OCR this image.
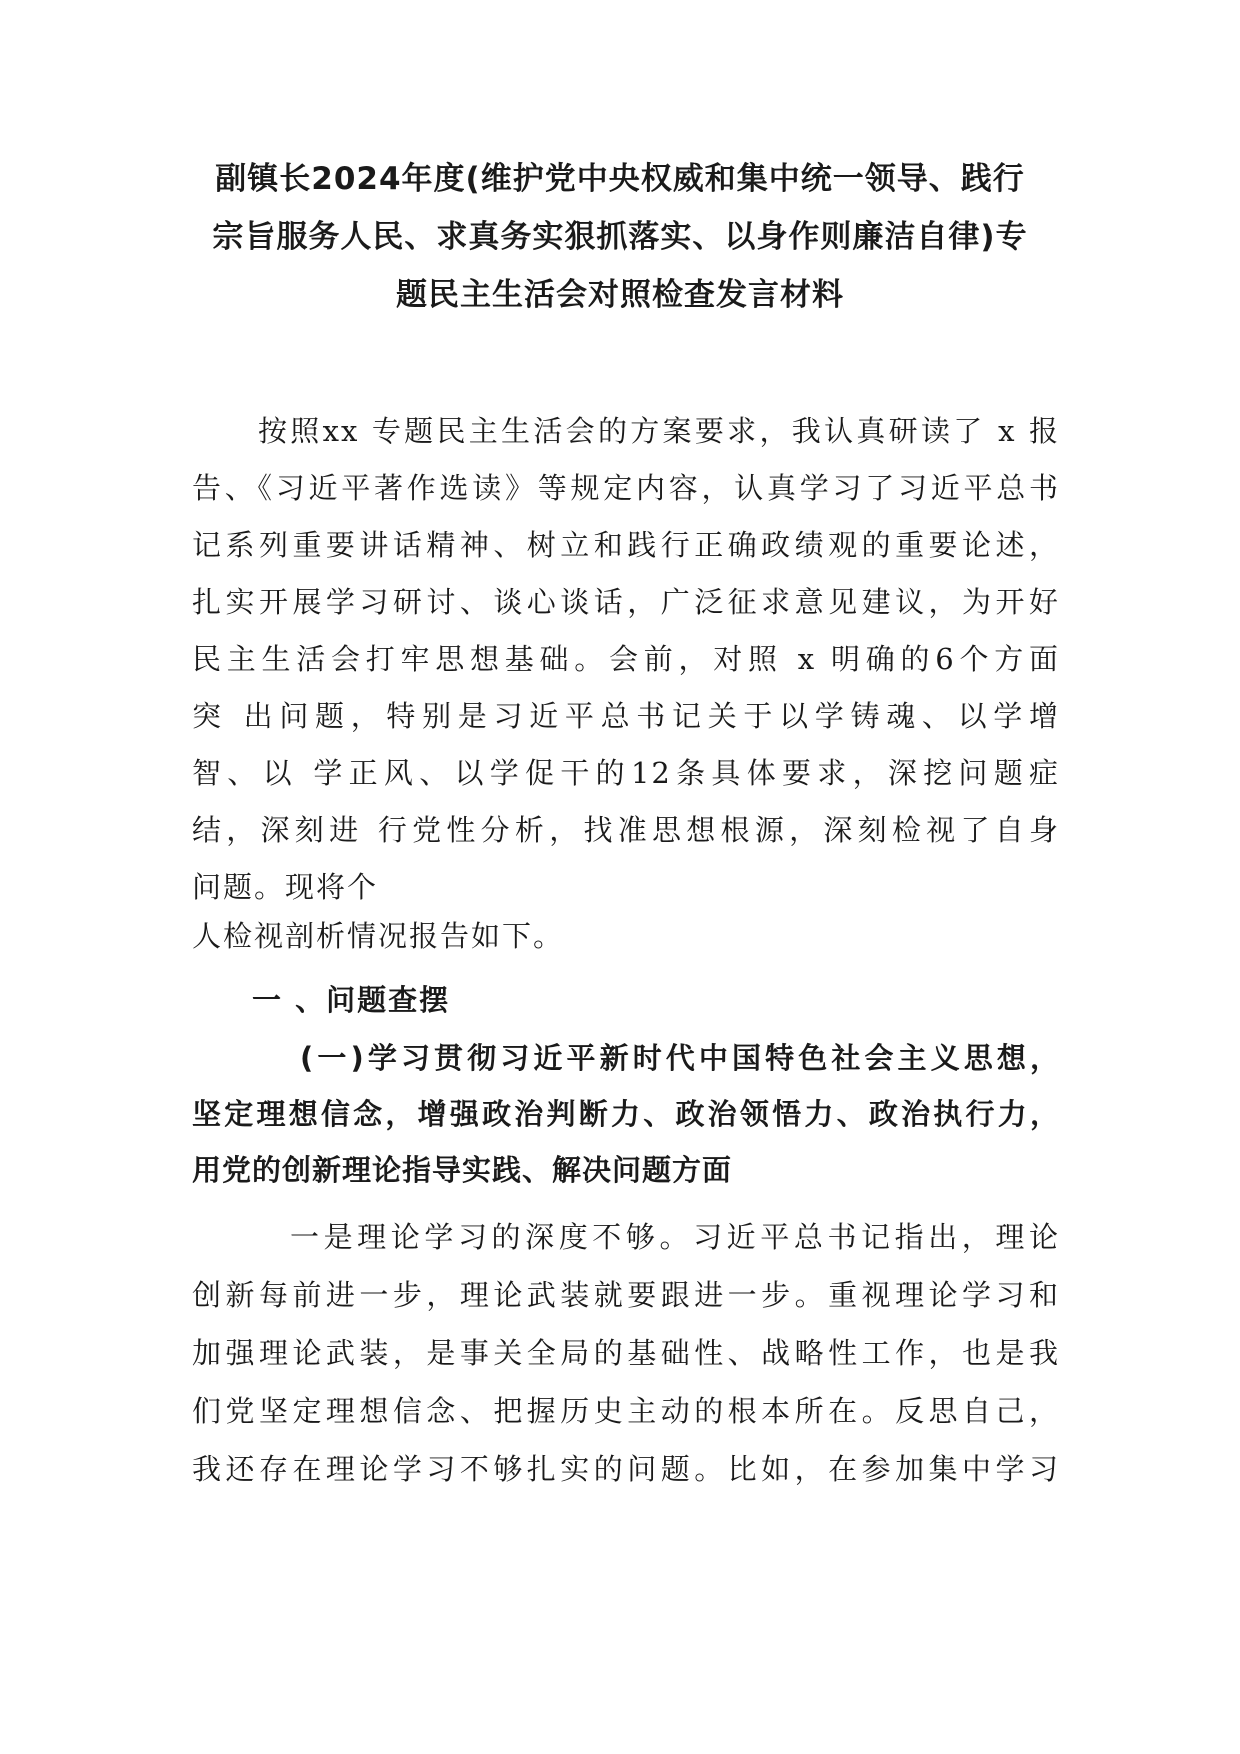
副镇长2024年度(维护党中央权威和集中统一领导、践行
宗旨服务人民、求真务实狠抓落实、以身作则廉洁自律)专
题民主生活会对照检查发言材料
按照xx 专题民主生活会的方案要求，我认真研读了 x 报
告、《习近平著作选读》等规定内容，认真学习了习近平总书
记系列重要讲话精神、树立和践行正确政绩观的重要论述，
扎实开展学习研讨、谈心谈话，广泛征求意见建议，为开好
民主生活会打牢思想基础。会前，对照 x 明确的6个方面
突 出问题，特别是习近平总书记关于以学铸魂、以学增
智、以 学正风、以学促干的12条具体要求，深挖问题症
结，深刻进 行党性分析，找准思想根源，深刻检视了自身
问题。现将个
人检视剖析情况报告如下。
一 、问题查摆
(一)学习贯彻习近平新时代中国特色社会主义思想，
坚定理想信念，增强政治判断力、政治领悟力、政治执行力，
用党的创新理论指导实践、解决问题方面
一是理论学习的深度不够。习近平总书记指出，理论
创新每前进一步，理论武装就要跟进一步。重视理论学习和
加强理论武装，是事关全局的基础性、战略性工作，也是我
们党坚定理想信念、把握历史主动的根本所在。反思自己，
我还存在理论学习不够扎实的问题。比如，在参加集中学习
